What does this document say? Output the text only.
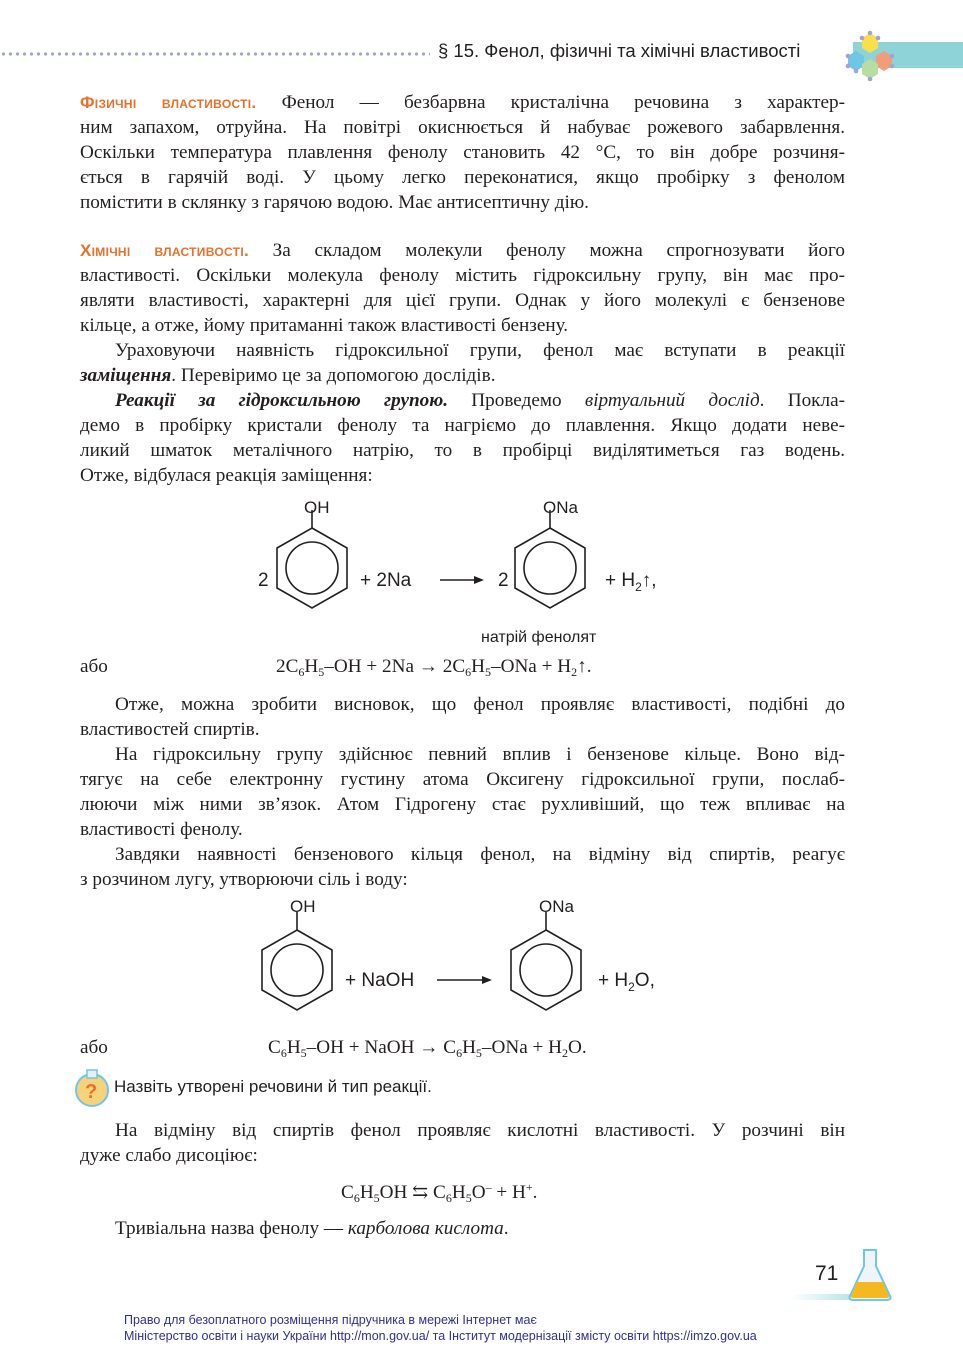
§ 15. Фенол, фізичні та хімічні властивості
Фізичні властивості. Фенол — безбарвна кристалічна речовина з характер-
ним запахом, отруйна. На повітрі окиснюється й набуває рожевого забарвлення.
Оскільки температура плавлення фенолу становить 42 °С, то він добре розчиня-
ється в гарячій воді. У цьому легко переконатися, якщо пробірку з фенолом
помістити в склянку з гарячою водою. Має антисептичну дію.
Хімічні властивості. За складом молекули фенолу можна спрогнозувати його
властивості. Оскільки молекула фенолу містить гідроксильну групу, він має про-
являти властивості, характерні для цієї групи. Однак у його молекулі є бензенове
кільце, а отже, йому притаманні також властивості бензену.
Ураховуючи наявність гідроксильної групи, фенол має вступати в реакції
заміщення. Перевіримо це за допомогою дослідів.
Реакції за гідроксильною групою. Проведемо віртуальний дослід. Покла-
демо в пробірку кристали фенолу та нагріємо до плавлення. Якщо додати неве-
ликий шматок металічного натрію, то в пробірці виділятиметься газ водень.
Отже, відбулася реакція заміщення:
OH
2	+ 2Na	2
ONa
+ $H_2↑$,
натрій фенолят
або	$2C_6H_5-OH + 2Na \to 2C_6H_5-ONa$ + $H_2↑$.
Отже, можна зробити висновок, що фенол проявляє властивості, подібні до
властивостей спиртів.
На гідроксильну групу здійснює певний вплив і бензенове кільце. Воно від-
тягує на себе електронну густину атома Оксигену гідроксильної групи, послаб-
люючи між ними зв’язок. Атом Гідрогену стає рухливіший, що теж впливає на
властивості фенолу.
Завдяки наявності бензенового кільця фенол, на відміну від спиртів, реагує
з розчином лугу, утворюючи сіль і воду:
OH
+ NaOH
ONa
+ $H_2O$,
або	$C_6H_5-OH$ + NaOH → $C_6H_5$–ONa + $H_2O$.
? Назвіть утворені речовини й тип реакції.
На відміну від спиртів фенол проявляє кислотні властивості. У розчині він
дуже слабо дисоціює:
$C_6H_5OH$ ⇆ $C_6H_5O^- + H^+$.
Тривіальна назва фенолу — карболова кислота.
71
Право для безоплатного розміщення підручника в мережі Інтернет має
Міністерство освіти і науки України http://mon.gov.ua/ та Інститут модернізації змісту освіти https://imzo.gov.ua
